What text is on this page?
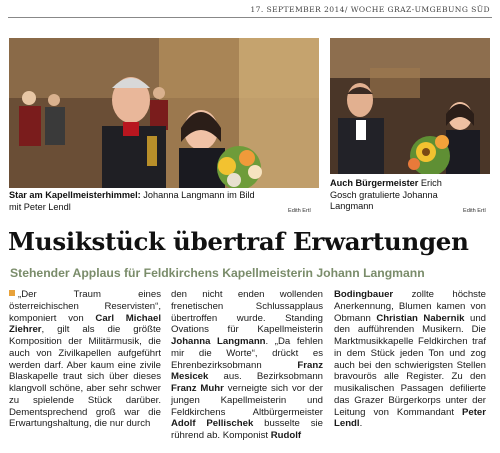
17. SEPTEMBER 2014/ WOCHE GRAZ-UMGEBUNG SÜD
Star am Kapellmeisterhimmel: Johanna Langmann im Bild mit Peter Lendl	Edith Ertl
Auch Bürgermeister Erich Gosch gratulierte Johanna Langmann	Edith Ertl
Musikstück übertraf Erwartungen
Stehender Applaus für Feldkirchens Kapellmeisterin Johann Langmann

„Der Traum eines österreichischen Reservisten“, komponiert von Carl Michael Ziehrer, gilt als die größte Komposition der Militärmusik, die auch von Zivilkapellen aufgeführt werden darf. Aber kaum eine zivile Blaskapelle traut sich über dieses klangvoll schöne, aber sehr schwer zu spielende Stück darüber. Dementsprechend groß war die Erwartungshaltung, die nur durch

den nicht enden wollenden frenetischen Schlussapplaus übertroffen wurde. Standing Ovations für Kapellmeisterin Johanna Langmann. „Da fehlen mir die Worte“, drückt es Ehrenbezirksobmann Franz Mesicek aus. Bezirksobmann Franz Muhr verneigte sich vor der jungen Kapellmeisterin und Feldkirchens Altbürgermeister Adolf Pellischek busselte sie rührend ab. Komponist Rudolf

Bodingbauer zollte höchste Anerkennung, Blumen kamen von Obmann Christian Nabernik und den aufführenden Musikern. Die Marktmusikkapelle Feldkirchen traf in dem Stück jeden Ton und zog auch bei den schwierigsten Stellen bravourös alle Register. Zu den musikalischen Passagen defilierte das Grazer Bürgerkorps unter der Leitung von Kommandant Peter Lendl.
